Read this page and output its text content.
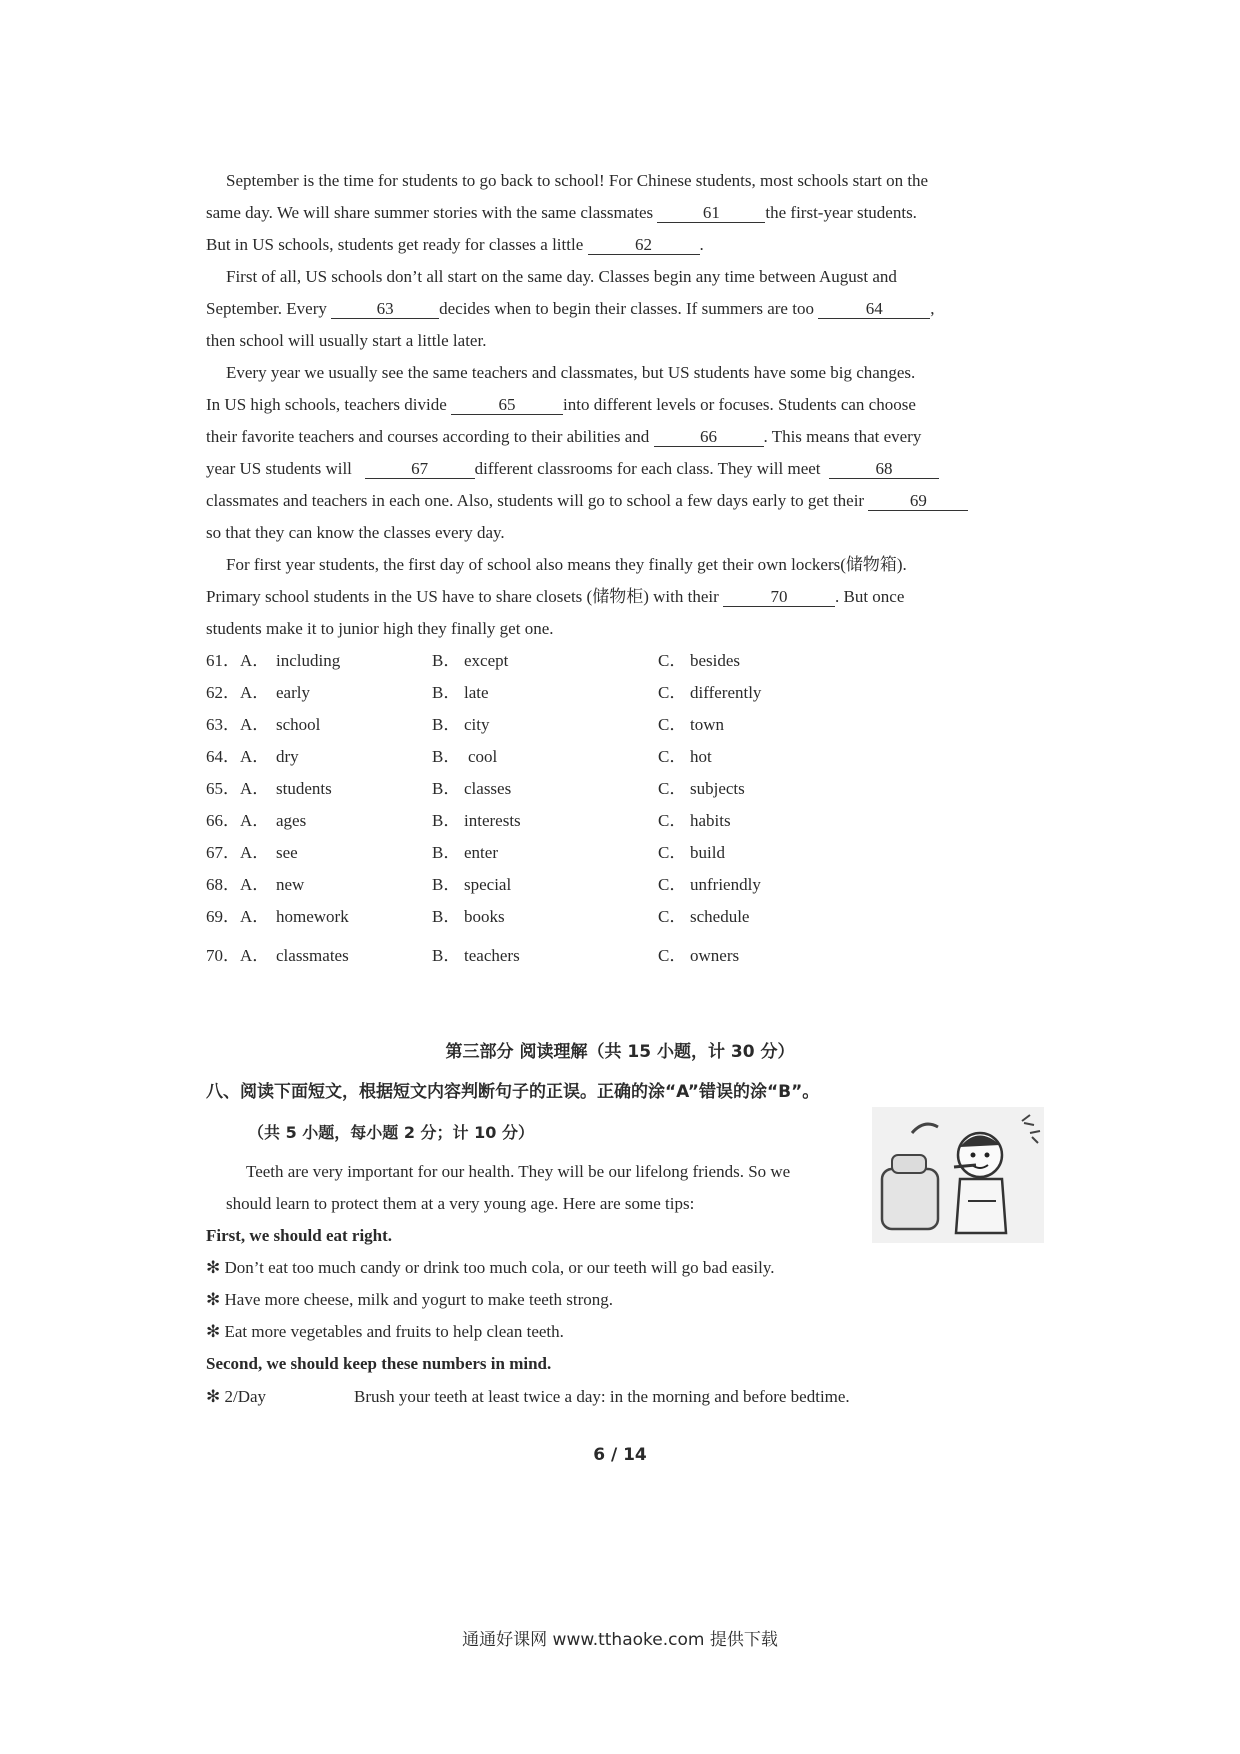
September is the time for students to go back to school! For Chinese students, most schools start on the
same day. We will share summer stories with the same classmates	61	the first-year students.
But in US schools, students get ready for classes a little	62	.
First of all, US schools don’t all start on the same day. Classes begin any time between August and
September. Every	63	decides when to begin their classes. If summers are too	64	,
then school will usually start a little later.
Every year we usually see the same teachers and classmates, but US students have some big changes.
In US high schools, teachers divide	65	into different levels or focuses. Students can choose
their favorite teachers and courses according to their abilities and	66	. This means that every
year US students will	67	different classrooms for each class. They will meet	68
classmates and teachers in each one. Also, students will go to school a few days early to get their	69
so that they can know the classes every day.
For first year students, the first day of school also means they finally get their own lockers(储物箱).
Primary school students in the US have to share closets (储物柜) with their	70	. But once
students make it to junior high they finally get one.
61．A． including	B． except	C． besides
62．A． early	B． late	C． differently
63．A． school	B． city	C． town
64．A． dry	B． cool	C． hot
65．A． students	B． classes	C． subjects
66．A． ages	B． interests	C． habits
67．A． see	B． enter	C． build
68．A． new	B． special	C． unfriendly
69．A． homework	B． books	C． schedule
70．A． classmates	B． teachers	C． owners
第三部分 阅读理解（共 15 小题，计 30 分）
八、阅读下面短文，根据短文内容判断句子的正误。正确的涂“A”错误的涂“B”。
（共 5 小题，每小题 2 分；计 10 分）
Teeth are very important for our health. They will be our lifelong friends. So we
should learn to protect them at a very young age. Here are some tips:
First, we should eat right.
✻ Don’t eat too much candy or drink too much cola, or our teeth will go bad easily.
✻ Have more cheese, milk and yogurt to make teeth strong.
✻ Eat more vegetables and fruits to help clean teeth.
Second, we should keep these numbers in mind.
✻ 2/Day	Brush your teeth at least twice a day: in the morning and before bedtime.
6 / 14
通通好课网 www.tthaoke.com 提供下载
